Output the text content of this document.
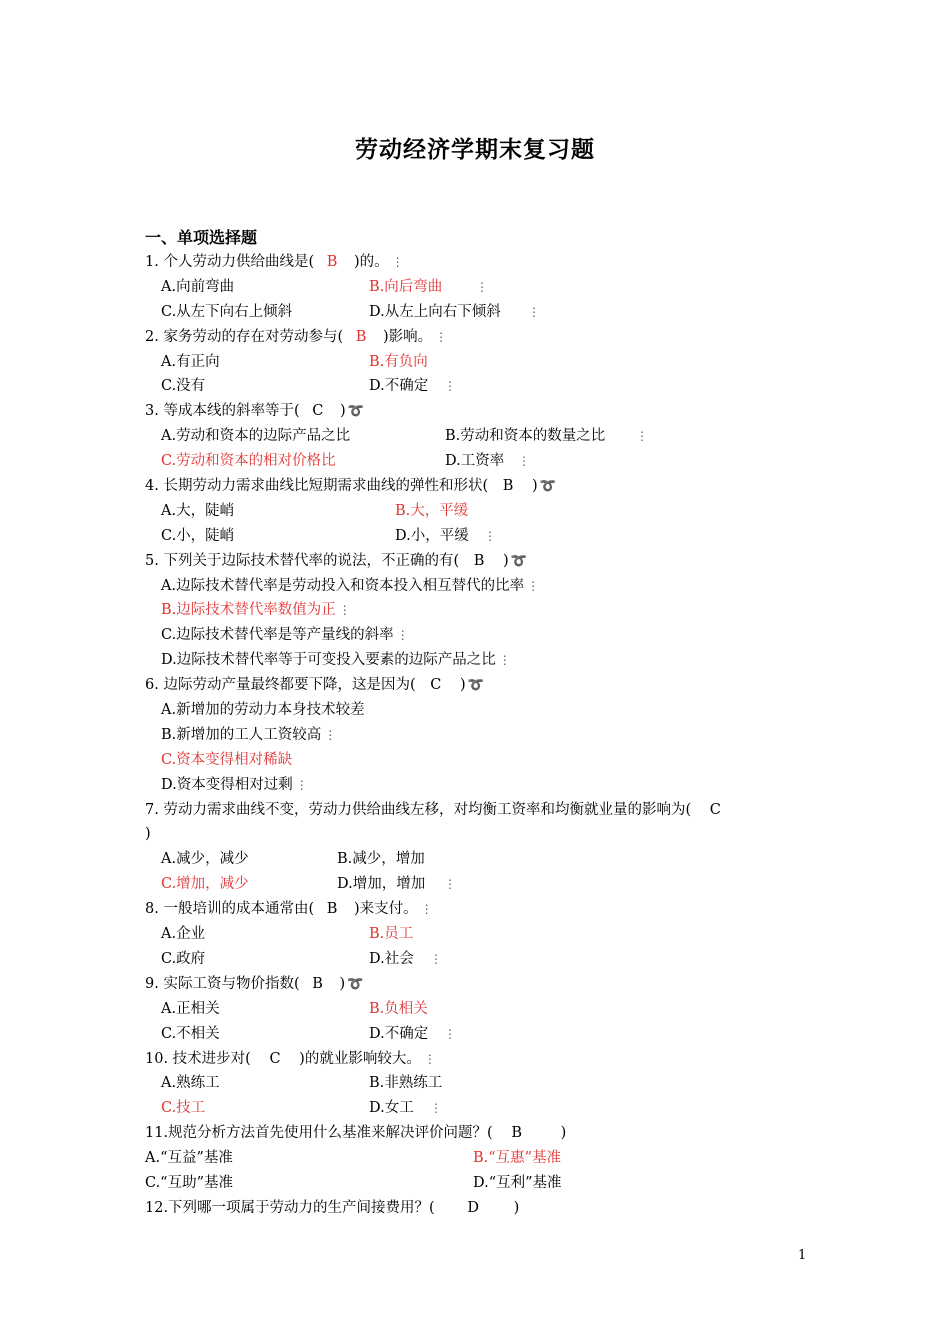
劳动经济学期末复习题
一、单项选择题
1. 个人劳动力供给曲线是( B )的。 ⋮
A.向前弯曲	B.向后弯曲	⋮
C.从左下向右上倾斜	D.从左上向右下倾斜 ⋮
2. 家务劳动的存在对劳动参与( B )影响。 ⋮
A.有正向	B.有负向
C.没有	D.不确定 ⋮
3. 等成本线的斜率等于( C ) ➰
A.劳动和资本的边际产品之比	B.劳动和资本的数量之比	⋮
C.劳动和资本的相对价格比	D.工资率 ⋮
4. 长期劳动力需求曲线比短期需求曲线的弹性和形状( B ) ➰
A.大，陡峭	B.大，平缓
C.小，陡峭	D.小，平缓 ⋮
5. 下列关于边际技术替代率的说法，不正确的有( B ) ➰
A.边际技术替代率是劳动投入和资本投入相互替代的比率 ⋮
B.边际技术替代率数值为正 ⋮
C.边际技术替代率是等产量线的斜率 ⋮
D.边际技术替代率等于可变投入要素的边际产品之比 ⋮
6. 边际劳动产量最终都要下降，这是因为( C ) ➰
A.新增加的劳动力本身技术较差
B.新增加的工人工资较高 ⋮
C.资本变得相对稀缺
D.资本变得相对过剩 ⋮
7. 劳动力需求曲线不变，劳动力供给曲线左移，对均衡工资率和均衡就业量的影响为( C
)
A.减少，减少	B.减少，增加
C.增加，减少	D.增加，增加 ⋮
8. 一般培训的成本通常由( B )来支付。 ⋮
A.企业	B.员工
C.政府	D.社会 ⋮
9. 实际工资与物价指数( B ) ➰
A.正相关	B.负相关
C.不相关	D.不确定 ⋮
10. 技术进步对( C )的就业影响较大。 ⋮
A.熟练工	B.非熟练工
C.技工	D.女工 ⋮
11.规范分析方法首先使用什么基准来解决评价问题？( B	)
A.“互益”基准	B.“互惠”基准
C.“互助”基准	D.“互利”基准
12.下列哪一项属于劳动力的生产间接费用？( D )
1
